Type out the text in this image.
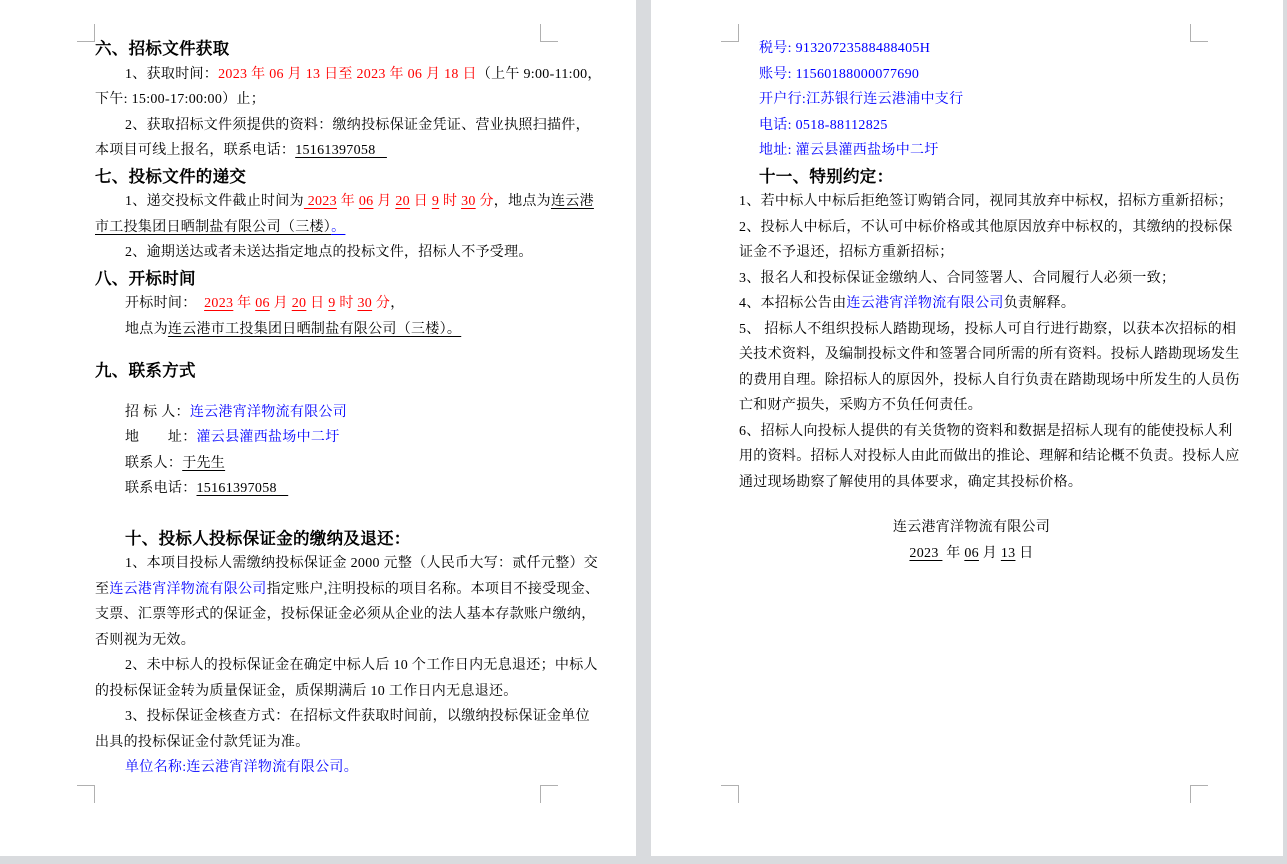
六、招标文件获取
1、获取时间：2023 年 06 月 13 日至 2023 年 06 月 18 日（上午 9:00-11:00，
下午: 15:00-17:00:00）止；
2、获取招标文件须提供的资料：缴纳投标保证金凭证、营业执照扫描件，
本项目可线上报名，联系电话：15161397058
七、投标文件的递交
1、递交投标文件截止时间为 2023 年 06 月 20 日 9 时 30 分，地点为连云港
市工投集团日晒制盐有限公司（三楼）。
2、逾期送达或者未送达指定地点的投标文件，招标人不予受理。
八、开标时间
开标时间：  2023 年 06 月 20 日 9 时 30 分，
地点为连云港市工投集团日晒制盐有限公司（三楼）。
九、联系方式
招 标 人：连云港宵洋物流有限公司
地　　址：灌云县灌西盐场中二圩
联系人：于先生
联系电话：15161397058
十、投标人投标保证金的缴纳及退还：
1、本项目投标人需缴纳投标保证金 2000 元整（人民币大写：贰仟元整）交
至连云港宵洋物流有限公司指定账户,注明投标的项目名称。本项目不接受现金、
支票、汇票等形式的保证金，投标保证金必须从企业的法人基本存款账户缴纳，
否则视为无效。
2、未中标人的投标保证金在确定中标人后 10 个工作日内无息退还；中标人
的投标保证金转为质量保证金，质保期满后 10 工作日内无息退还。
3、投标保证金核查方式：在招标文件获取时间前，以缴纳投标保证金单位
出具的投标保证金付款凭证为准。
单位名称:连云港宵洋物流有限公司。
税号: 91320723588488405H
账号: 11560188000077690
开户行:江苏银行连云港浦中支行
电话: 0518-88112825
地址: 灌云县灌西盐场中二圩
十一、特别约定：
1、若中标人中标后拒绝签订购销合同，视同其放弃中标权，招标方重新招标；
2、投标人中标后，不认可中标价格或其他原因放弃中标权的，其缴纳的投标保
证金不予退还，招标方重新招标；
3、报名人和投标保证金缴纳人、合同签署人、合同履行人必须一致；
4、本招标公告由连云港宵洋物流有限公司负责解释。
5、 招标人不组织投标人踏勘现场，投标人可自行进行勘察，以获本次招标的相
关技术资料，及编制投标文件和签署合同所需的所有资料。投标人踏勘现场发生
的费用自理。除招标人的原因外，投标人自行负责在踏勘现场中所发生的人员伤
亡和财产损失，采购方不负任何责任。
6、招标人向投标人提供的有关货物的资料和数据是招标人现有的能使投标人利
用的资料。招标人对投标人由此而做出的推论、理解和结论概不负责。投标人应
通过现场勘察了解使用的具体要求，确定其投标价格。
连云港宵洋物流有限公司
2023  年 06 月 13 日
